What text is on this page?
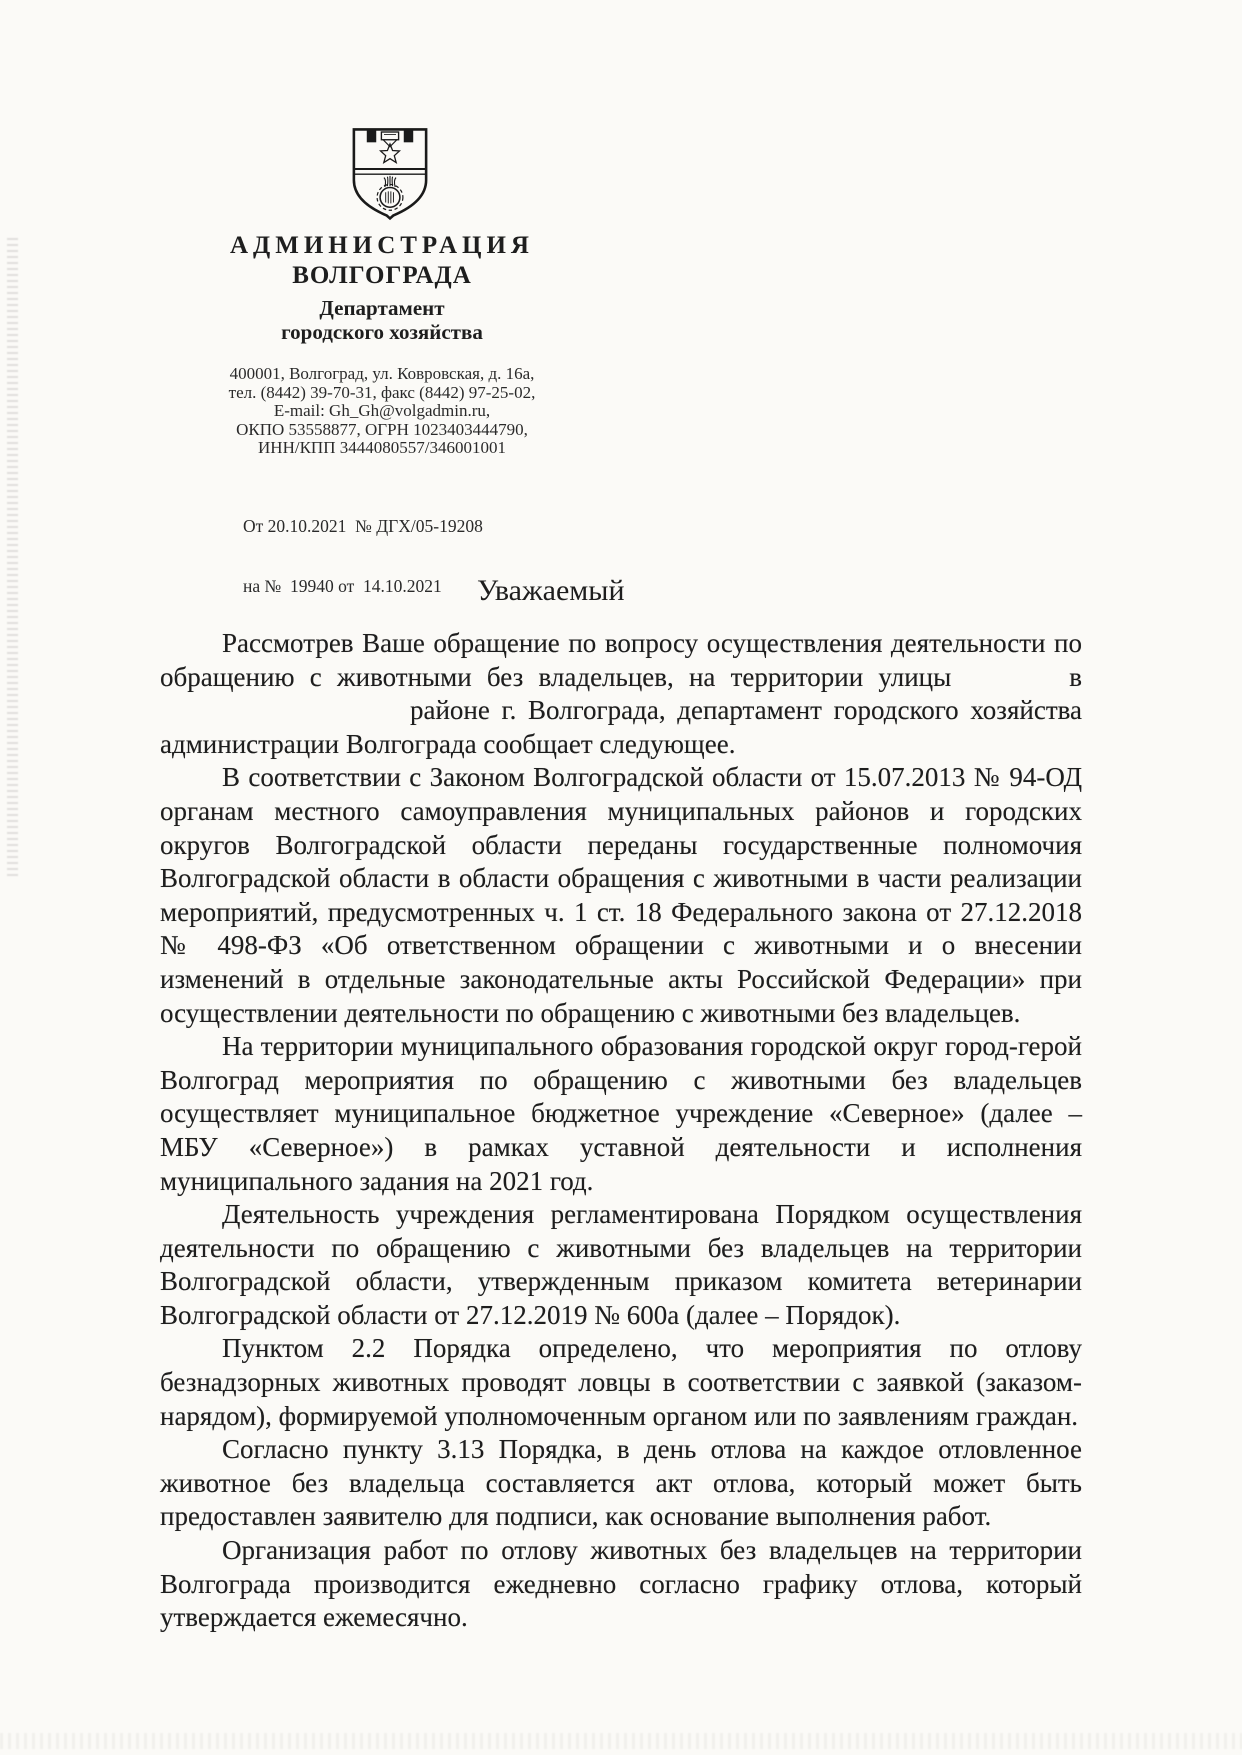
АДМИНИСТРАЦИЯ
ВОЛГОГРАДА
Департамент
городского хозяйства
400001, Волгоград, ул. Ковровская, д. 16а,
тел. (8442) 39-70-31, факс (8442) 97-25-02,
E-mail: Gh_Gh@volgadmin.ru,
ОКПО 53558877, ОГРН 1023403444790,
ИНН/КПП 3444080557/346001001

От 20.10.2021  № ДГХ/05-19208

на №  19940 от  14.10.2021

	Уважаемый
Рассмотрев Ваше обращение по вопросу осуществления деятельности по обращению с животными без владельцев, на территории улицы	в
районе г. Волгограда, департамент городского хозяйства
администрации Волгограда сообщает следующее.
В соответствии с Законом Волгоградской области от 15.07.2013 № 94-ОД органам местного самоуправления муниципальных районов и городских округов Волгоградской области переданы государственные полномочия Волгоградской области в области обращения с животными в части реализации мероприятий, предусмотренных ч. 1 ст. 18 Федерального закона от 27.12.2018 № 498-ФЗ «Об ответственном обращении с животными и о внесении изменений в отдельные законодательные акты Российской Федерации» при осуществлении деятельности по обращению с животными без владельцев.
На территории муниципального образования городской округ город-герой Волгоград мероприятия по обращению с животными без владельцев осуществляет муниципальное бюджетное учреждение «Северное» (далее – МБУ «Северное») в рамках уставной деятельности и исполнения муниципального задания на 2021 год.
Деятельность учреждения регламентирована Порядком осуществления деятельности по обращению с животными без владельцев на территории Волгоградской области, утвержденным приказом комитета ветеринарии Волгоградской области от 27.12.2019 № 600а (далее – Порядок).
Пунктом 2.2 Порядка определено, что мероприятия по отлову безнадзорных животных проводят ловцы в соответствии с заявкой (заказом-нарядом), формируемой уполномоченным органом или по заявлениям граждан.
Согласно пункту 3.13 Порядка, в день отлова на каждое отловленное животное без владельца составляется акт отлова, который может быть предоставлен заявителю для подписи, как основание выполнения работ.
Организация работ по отлову животных без владельцев на территории Волгограда производится ежедневно согласно графику отлова, который утверждается ежемесячно.
